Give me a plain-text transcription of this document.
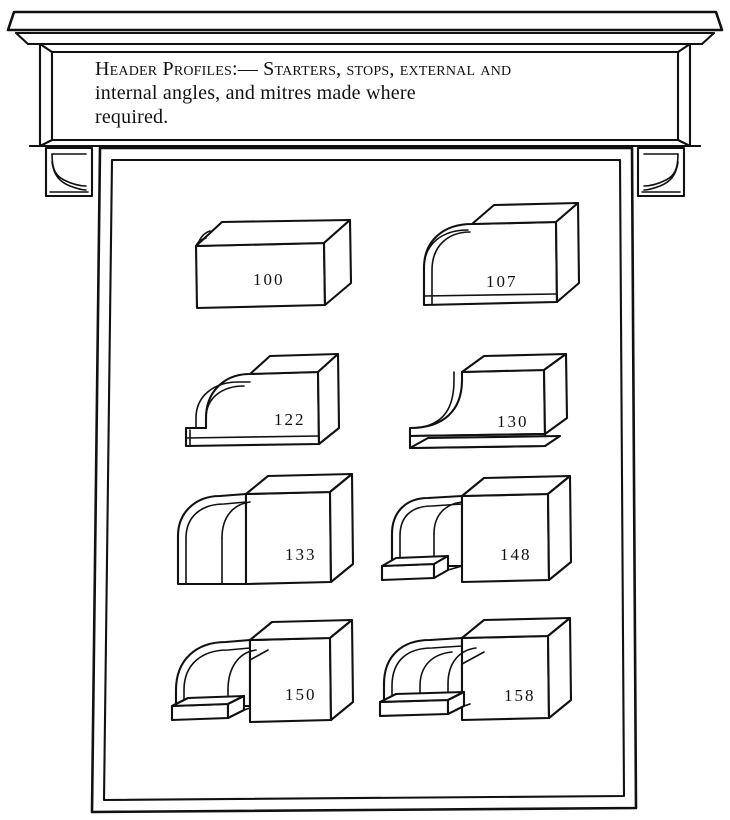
Header Profiles:— Starters, stops, external and
internal angles, and mitres made where
required.
100	107
122	130
133	148
150	158
